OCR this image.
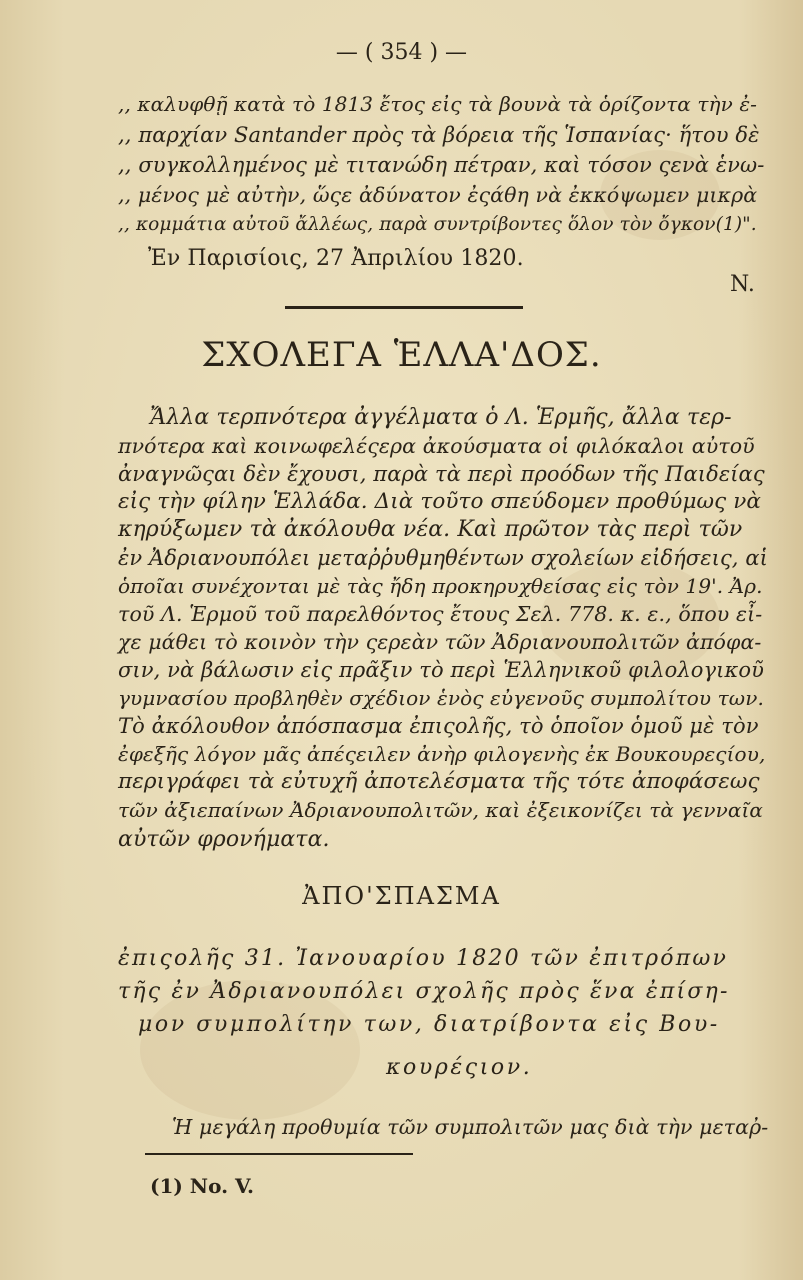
— ( 354 ) —
,, καλυφθῇ κατὰ τὸ 1813 ἔτος εἰς τὰ βουνὰ τὰ ὁρίζοντα τὴν ἐ-
,, παρχίαν Santander πρὸς τὰ βόρεια τῆς Ἱσπανίας· ἥτου δὲ
,, συγκολλημένος μὲ τιτανώδη πέτραν, καὶ τόσον ςενὰ ἑνω-
,, μένος μὲ αὐτὴν, ὥςε ἀδύνατον ἐςάθη νὰ ἐκκόψωμεν μικρὰ
,, κομμάτια αὐτοῦ ἄλλέως, παρὰ συντρίβοντες ὅλον τὸν ὄγκον(1)".
Ἐν Παρισίοις, 27 Ἀπριλίου 1820.
N.
ΣΧΟΛΕΓΑ ἙΛΛΑ'ΔΟΣ.
Ἄλλα τερπνότερα ἀγγέλματα ὁ Λ. Ἑρμῆς, ἄλλα τερ-
πνότερα καὶ κοινωφελέςερα ἀκούσματα οἱ φιλόκαλοι αὐτοῦ
ἀναγνῶςαι δὲν ἔχουσι, παρὰ τὰ περὶ προόδων τῆς Παιδείας
εἰς τὴν φίλην Ἑλλάδα. Διὰ τοῦτο σπεύδομεν προθύμως νὰ
κηρύξωμεν τὰ ἀκόλουθα νέα. Καὶ πρῶτον τὰς περὶ τῶν
ἐν Ἀδριανουπόλει μεταῤῥυθμηθέντων σχολείων εἰδήσεις, αἱ
ὁποῖαι συνέχονται μὲ τὰς ἤδη προκηρυχθείσας εἰς τὸν 19'. Ἀρ.
τοῦ Λ. Ἑρμοῦ τοῦ παρελθόντος ἔτους Σελ. 778. κ. ε., ὅπου εἶ-
χε μάθει τὸ κοινὸν τὴν ςερεὰν τῶν Ἀδριανουπολιτῶν ἀπόφα-
σιν, νὰ βάλωσιν εἰς πρᾶξιν τὸ περὶ Ἑλληνικοῦ φιλολογικοῦ
γυμνασίου προβληθὲν σχέδιον ἑνὸς εὐγενοῦς συμπολίτου των.
Τὸ ἀκόλουθον ἀπόσπασμα ἐπιςολῆς, τὸ ὁποῖον ὁμοῦ μὲ τὸν
ἐφεξῆς λόγον μᾶς ἀπέςειλεν ἀνὴρ φιλογενὴς ἐκ Βουκουρεςίου,
περιγράφει τὰ εὐτυχῆ ἀποτελέσματα τῆς τότε ἀποφάσεως
τῶν ἀξιεπαίνων Ἀδριανουπολιτῶν, καὶ ἐξεικονίζει τὰ γενναῖα
αὐτῶν φρονήματα.
ἈΠΟ'ΣΠΑΣΜΑ
ἐπιςολῆς 31. Ἰανουαρίου 1820 τῶν ἐπιτρόπων
τῆς ἐν Ἀδριανουπόλει σχολῆς πρὸς ἕνα ἐπίση-
μον συμπολίτην των, διατρίβοντα εἰς Βου-
κουρέςιον.
Ἡ μεγάλη προθυμία τῶν συμπολιτῶν μας διὰ τὴν μεταῤ-
(1) No. V.
